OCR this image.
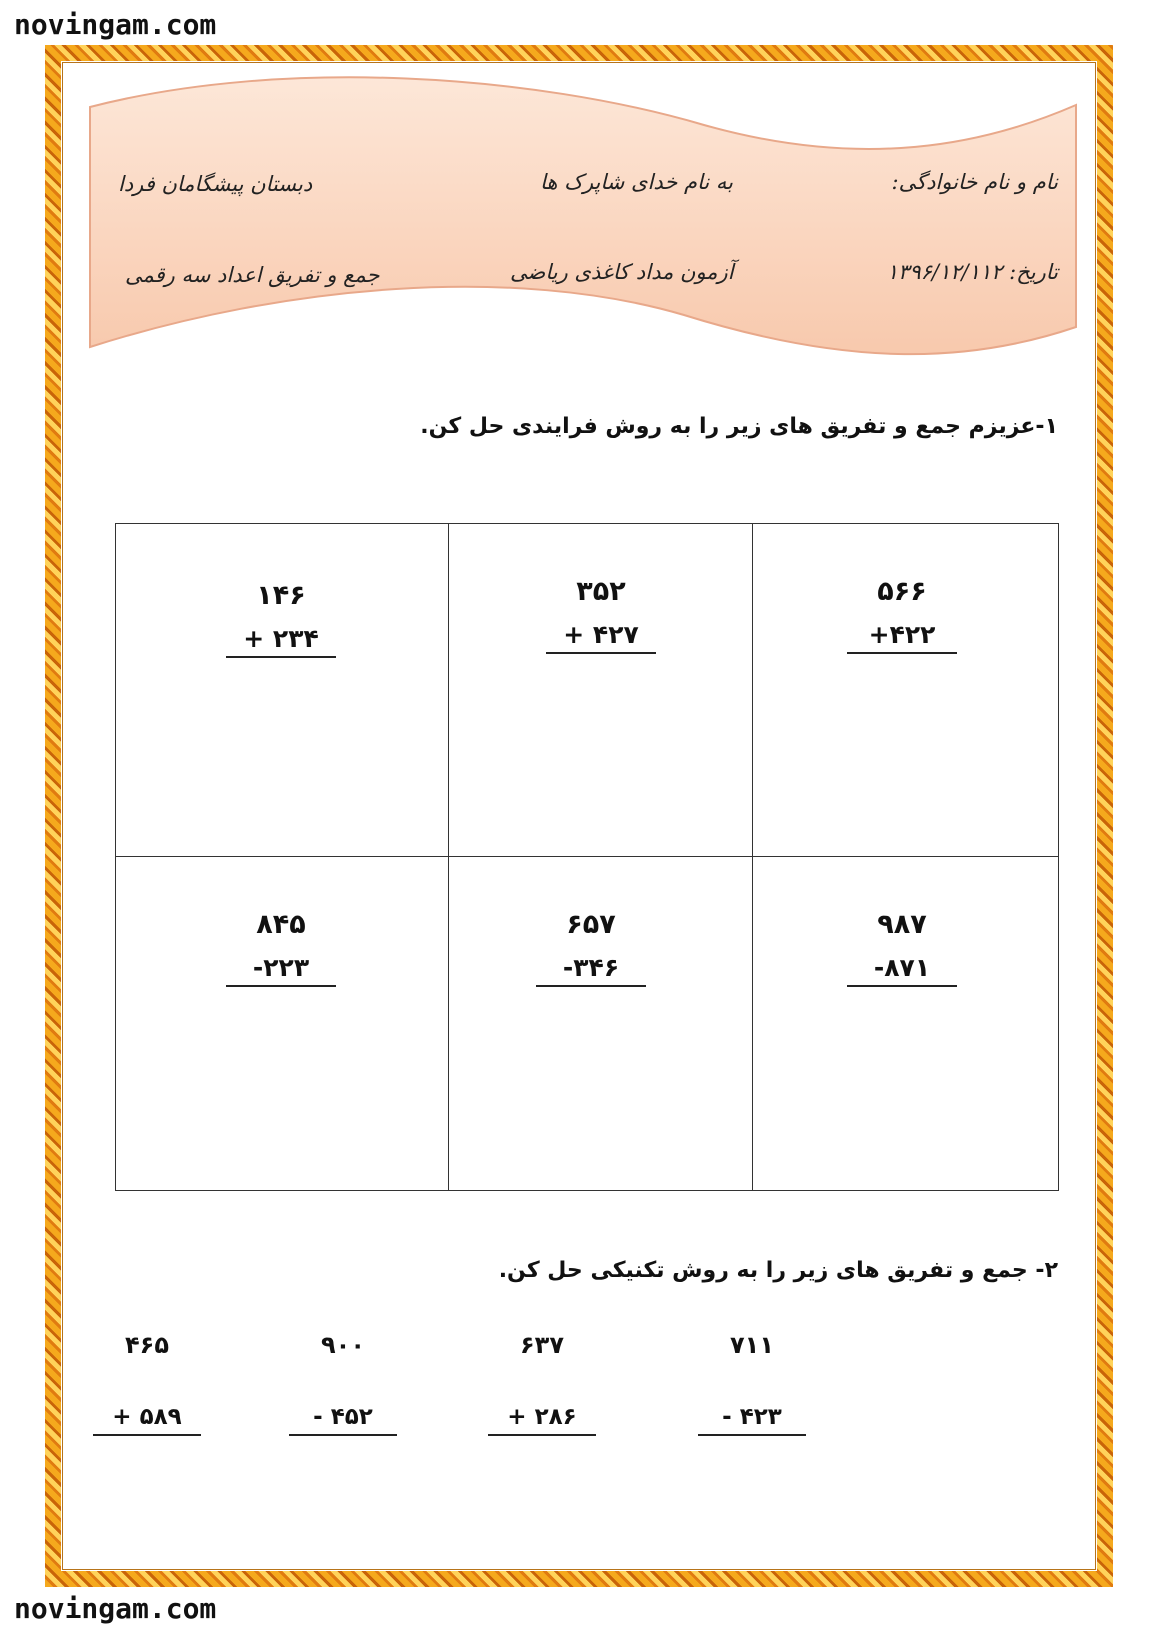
novingam.com
نام و نام خانوادگی:
به نام خدای شاپرک ها
دبستان پیشگامان فردا
تاریخ: ۱۳۹۶/۱۲/۱۱۲
آزمون مداد کاغذی ریاضی
جمع و تفریق اعداد سه رقمی
۱-عزیزم جمع و تفریق های زیر را به روش فرایندی حل کن.
۵۶۶
+۴۲۲
۳۵۲
+ ۴۲۷
۱۴۶
+ ۲۳۴
۹۸۷
-۸۷۱
۶۵۷
-۳۴۶
۸۴۵
-۲۲۳
۲- جمع و تفریق های زیر را به روش تکنیکی حل کن.
۷۱۱
- ۴۲۳
۶۳۷
+ ۲۸۶
۹۰۰
- ۴۵۲
۴۶۵
+ ۵۸۹
novingam.com
